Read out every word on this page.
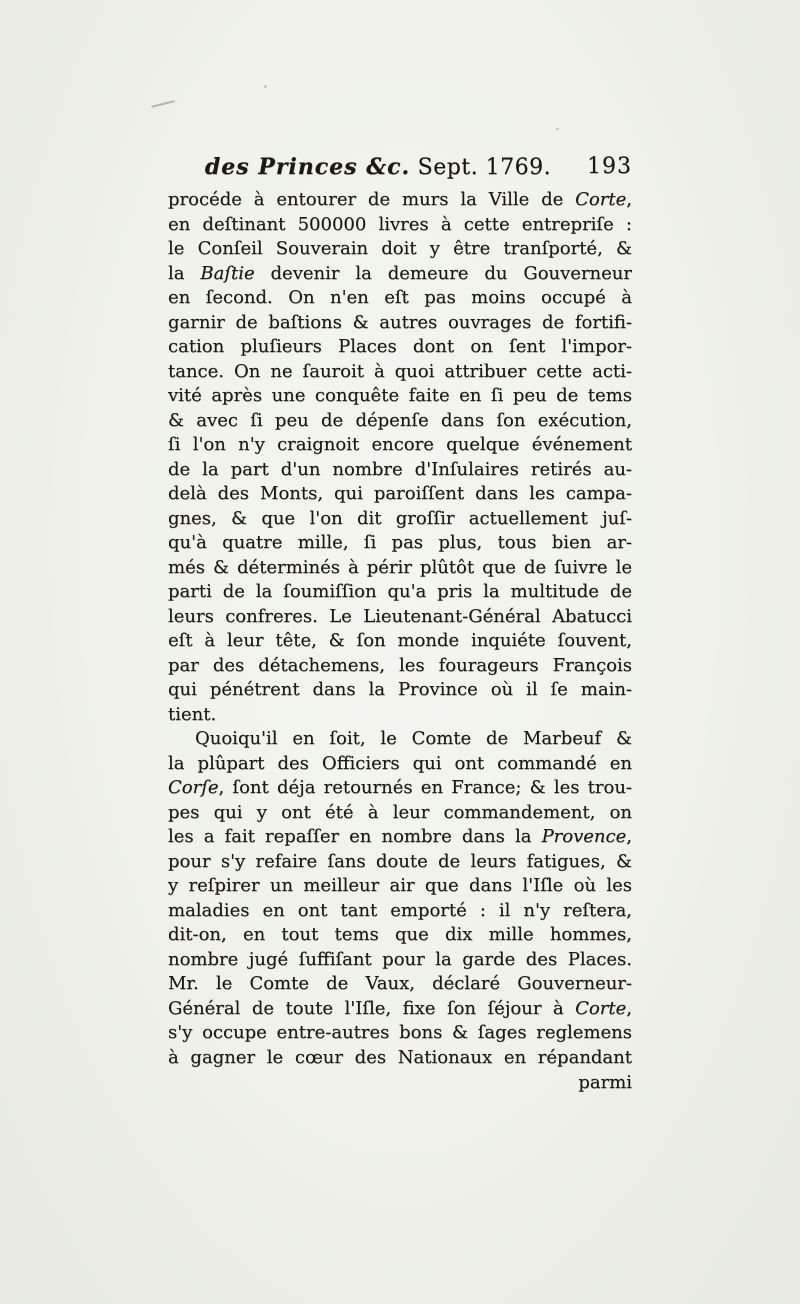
des Princes &c. Sept. 1769. 193
procéde à entourer de murs la Ville de Corte,
en deſtinant 500000 livres à cette entrepriſe :
le Conſeil Souverain doit y être tranſporté, &
la Baſtie devenir la demeure du Gouverneur
en ſecond. On n'en eſt pas moins occupé à
garnir de baſtions & autres ouvrages de fortifi-
cation pluſieurs Places dont on ſent l'impor-
tance. On ne ſauroit à quoi attribuer cette acti-
vité après une conquête faite en ſi peu de tems
& avec ſi peu de dépenſe dans ſon exécution,
ſi l'on n'y craignoit encore quelque événement
de la part d'un nombre d'Inſulaires retirés au-
delà des Monts, qui paroiſſent dans les campa-
gnes, & que l'on dit groſſir actuellement juſ-
qu'à quatre mille, ſi pas plus, tous bien ar-
més & déterminés à périr plûtôt que de ſuivre le
parti de la ſoumiſſion qu'a pris la multitude de
leurs confreres. Le Lieutenant-Général Abatucci
eſt à leur tête, & ſon monde inquiéte ſouvent,
par des détachemens, les fourageurs François
qui pénétrent dans la Province où il ſe main-
tient.
Quoiqu'il en ſoit, le Comte de Marbeuf &
la plûpart des Officiers qui ont commandé en
Corſe, ſont déja retournés en France; & les trou-
pes qui y ont été à leur commandement, on
les a fait repaſſer en nombre dans la Provence,
pour s'y refaire ſans doute de leurs fatigues, &
y reſpirer un meilleur air que dans l'Iſle où les
maladies en ont tant emporté : il n'y reſtera,
dit-on, en tout tems que dix mille hommes,
nombre jugé ſuffiſant pour la garde des Places.
Mr. le Comte de Vaux, déclaré Gouverneur-
Général de toute l'Iſle, fixe ſon ſéjour à Corte,
s'y occupe entre-autres bons & ſages reglemens
à gagner le cœur des Nationaux en répandant
parmi
